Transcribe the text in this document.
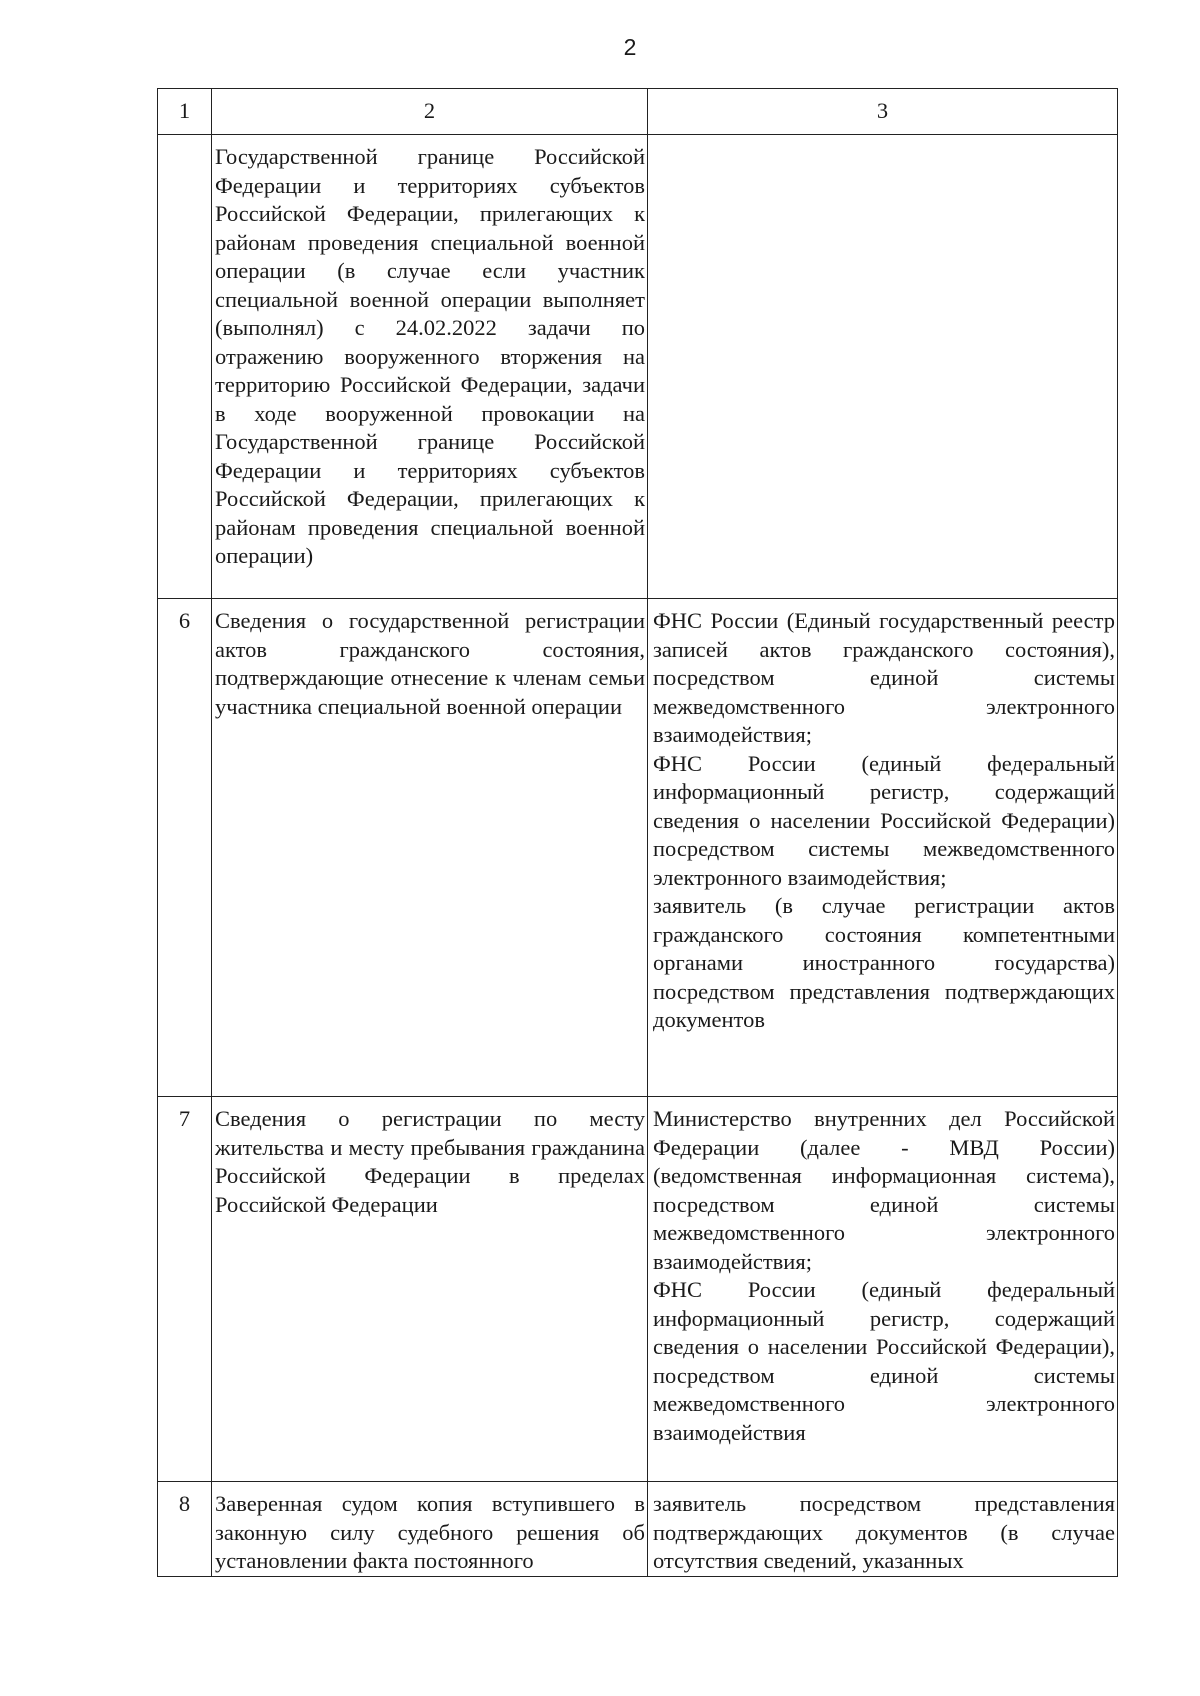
2
1	2	3

	Государственной границе Российской Федерации и территориях субъектов Российской Федерации, прилегающих к районам проведения специальной военной операции (в случае если участник специальной военной операции выполняет (выполнял) с 24.02.2022 задачи по отражению вооруженного вторжения на территорию Российской Федерации, задачи в ходе вооруженной провокации на Государственной границе Российской Федерации и территориях субъектов Российской Федерации, прилегающих к районам проведения специальной военной операции)	

6	Сведения о государственной регистрации актов гражданского состояния, подтверждающие отнесение к членам семьи участника специальной военной операции	ФНС России (Единый государственный реестр записей актов гражданского состояния), посредством единой системы межведомственного электронного взаимодействия;

ФНС России (единый федеральный информационный регистр, содержащий сведения о населении Российской Федерации) посредством системы межведомственного электронного взаимодействия;

заявитель (в случае регистрации актов гражданского состояния компетентными органами иностранного государства) посредством представления подтверждающих документов

7	Сведения о регистрации по месту жительства и месту пребывания гражданина Российской Федерации в пределах Российской Федерации	Министерство внутренних дел Российской Федерации (далее - МВД России) (ведомственная информационная система), посредством единой системы межведомственного электронного взаимодействия;

ФНС России (единый федеральный информационный регистр, содержащий сведения о населении Российской Федерации), посредством единой системы межведомственного электронного взаимодействия

8	Заверенная судом копия вступившего в законную силу судебного решения об установлении факта постоянного	заявитель посредством представления подтверждающих документов (в случае отсутствия сведений, указанных
